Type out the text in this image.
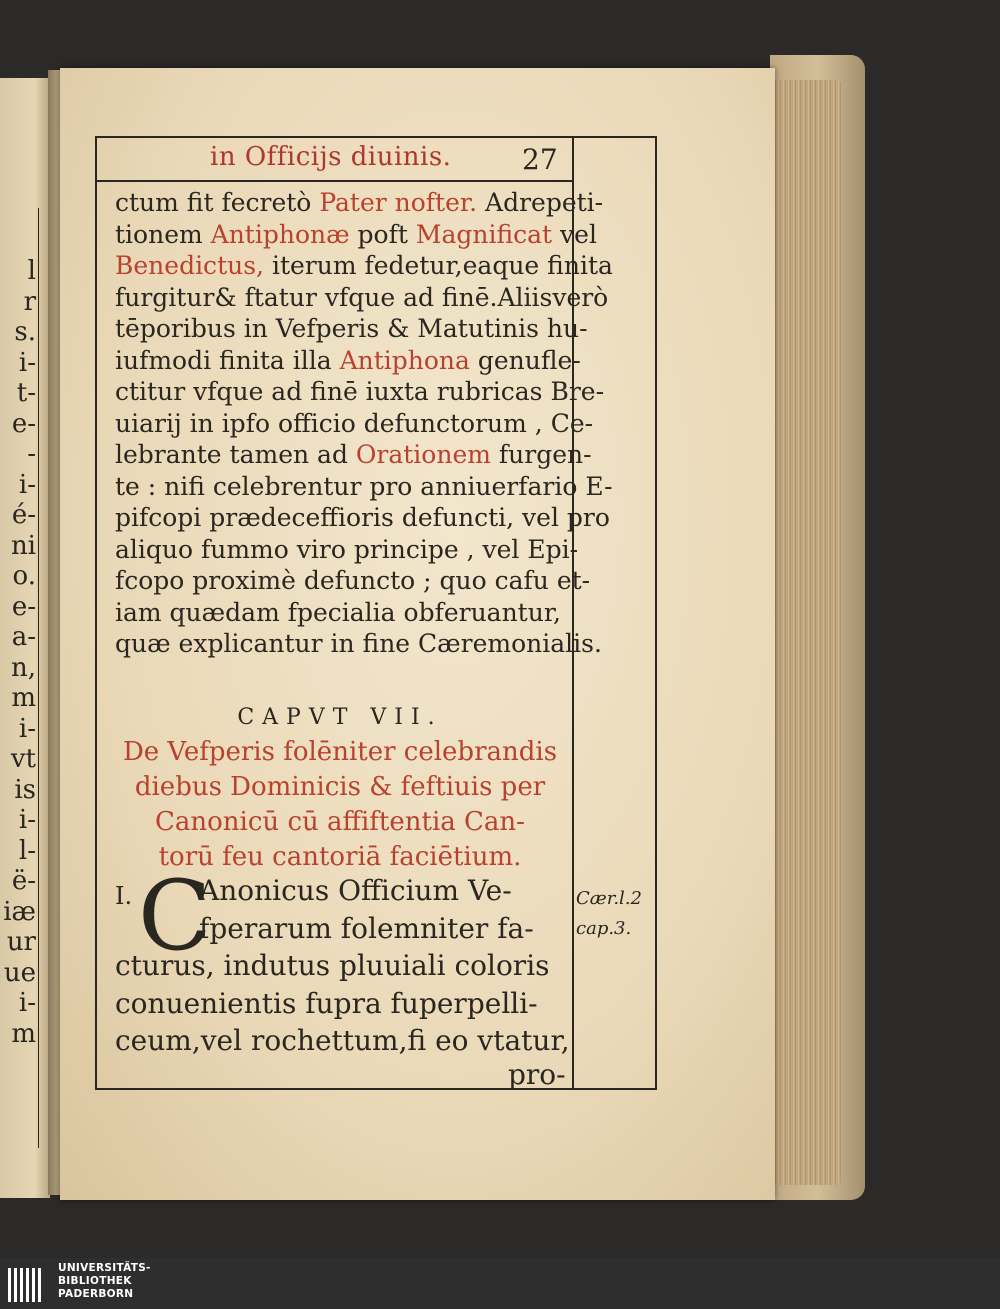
l
r
s.
i-
t-
e-
-
i-
é-
ni
o.
e-
a-
n,
m
i-
vt
is
i-
l-
ë-
iæ
ur
ue
i-
m
in Officijs diuinis.	27
ctum fit fecretò Pater nofter. Adrepeti-
tionem Antiphonæ poft Magnificat vel
Benedictus, iterum fedetur,eaque finita
furgitur& ftatur vfque ad finē.Aliisverò
tēporibus in Vefperis & Matutinis hu-
iufmodi finita illa Antiphona genufle-
ctitur vfque ad finē iuxta rubricas Bre-
uiarij in ipfo officio defunctorum , Ce-
lebrante tamen ad Orationem furgen-
te : nifi celebrentur pro anniuerfario E-
pifcopi prædeceffioris defuncti, vel pro
aliquo fummo viro principe , vel Epi-
fcopo proximè defuncto ; quo cafu et-
iam quædam fpecialia obferuantur,
quæ explicantur in fine Cæremonialis.
CAPVT VII.
De Vefperis folēniter celebrandis
diebus Dominicis & feftiuis per
Canonicū cū affiftentia Can-
torū feu cantoriā faciētium.
I. C
Anonicus Officium Ve-
fperarum folemniter fa-
cturus, indutus pluuiali coloris
conuenientis fupra fuperpelli-
ceum,vel rochettum,fi eo vtatur,
pro-
Cær.l.2
cap.3.
UNIVERSITÄTS-
BIBLIOTHEK
PADERBORN
